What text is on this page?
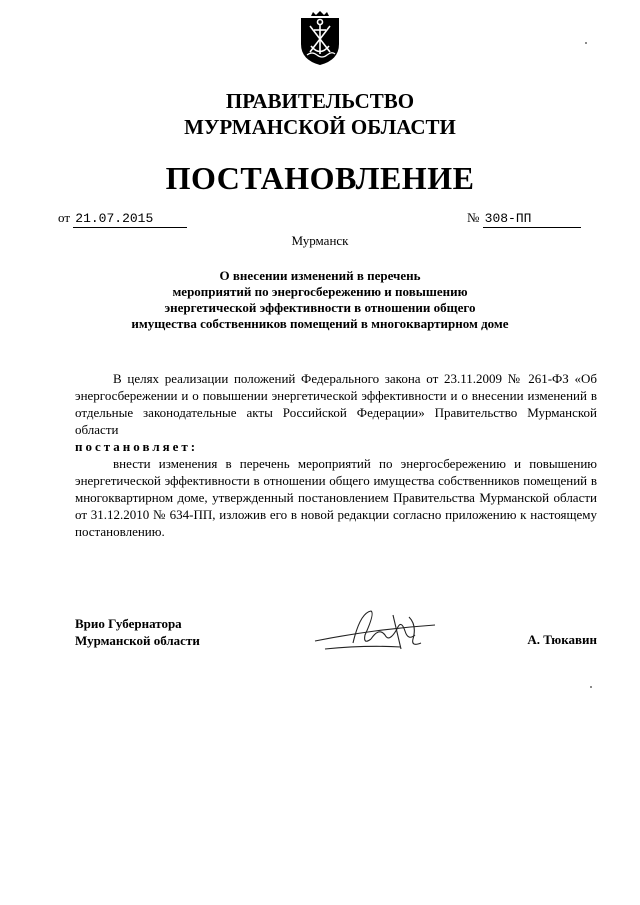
ПРАВИТЕЛЬСТВО
МУРМАНСКОЙ ОБЛАСТИ
ПОСТАНОВЛЕНИЕ
от 21.07.2015	№ 308-ПП
Мурманск
О внесении изменений в перечень
мероприятий по энергосбережению и повышению
энергетической эффективности в отношении общего
имущества собственников помещений в многоквартирном доме

В целях реализации положений Федерального закона от 23.11.2009 № 261-ФЗ «Об энергосбережении и о повышении энергетической эффективности и о внесении изменений в отдельные законодательные акты Российской Федерации» Правительство Мурманской области

постановляет:

внести изменения в перечень мероприятий по энергосбережению и повышению энергетической эффективности в отношении общего имущества собственников помещений в многоквартирном доме, утвержденный постановлением Правительства Мурманской области от 31.12.2010 № 634-ПП, изложив его в новой редакции согласно приложению к настоящему постановлению.

Врио Губернатора
Мурманской области	А. Тюкавин
